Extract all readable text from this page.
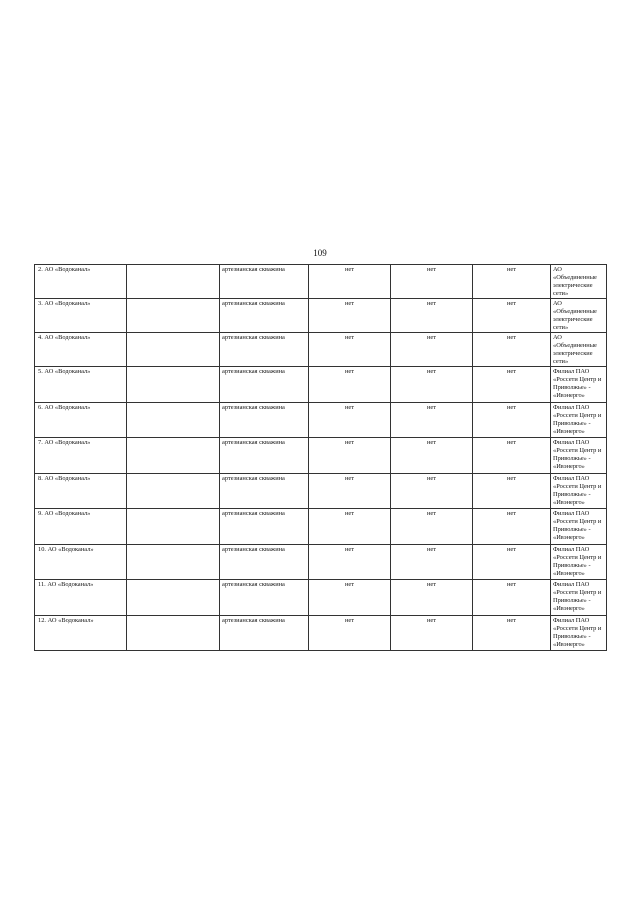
109
2. АО «Водоканал»		артезианская скважина	нет	нет	нет	АО «Объединенные электрические сети»
3. АО «Водоканал»		артезианская скважина	нет	нет	нет	АО «Объединенные электрические сети»
4. АО «Водоканал»		артезианская скважина	нет	нет	нет	АО «Объединенные электрические сети»
5. АО «Водоканал»		артезианская скважина	нет	нет	нет	Филиал ПАО «Россети Центр и Приволжье» - «Ивэнерго»
6. АО «Водоканал»		артезианская скважина	нет	нет	нет	Филиал ПАО «Россети Центр и Приволжье» - «Ивэнерго»
7. АО «Водоканал»		артезианская скважина	нет	нет	нет	Филиал ПАО «Россети Центр и Приволжье» - «Ивэнерго»
8. АО «Водоканал»		артезианская скважина	нет	нет	нет	Филиал ПАО «Россети Центр и Приволжье» - «Ивэнерго»
9. АО «Водоканал»		артезианская скважина	нет	нет	нет	Филиал ПАО «Россети Центр и Приволжье» - «Ивэнерго»
10. АО «Водоканал»		артезианская скважина	нет	нет	нет	Филиал ПАО «Россети Центр и Приволжье» - «Ивэнерго»
11. АО «Водоканал»		артезианская скважина	нет	нет	нет	Филиал ПАО «Россети Центр и Приволжье» - «Ивэнерго»
12. АО «Водоканал»		артезианская скважина	нет	нет	нет	Филиал ПАО «Россети Центр и Приволжье» - «Ивэнерго»
